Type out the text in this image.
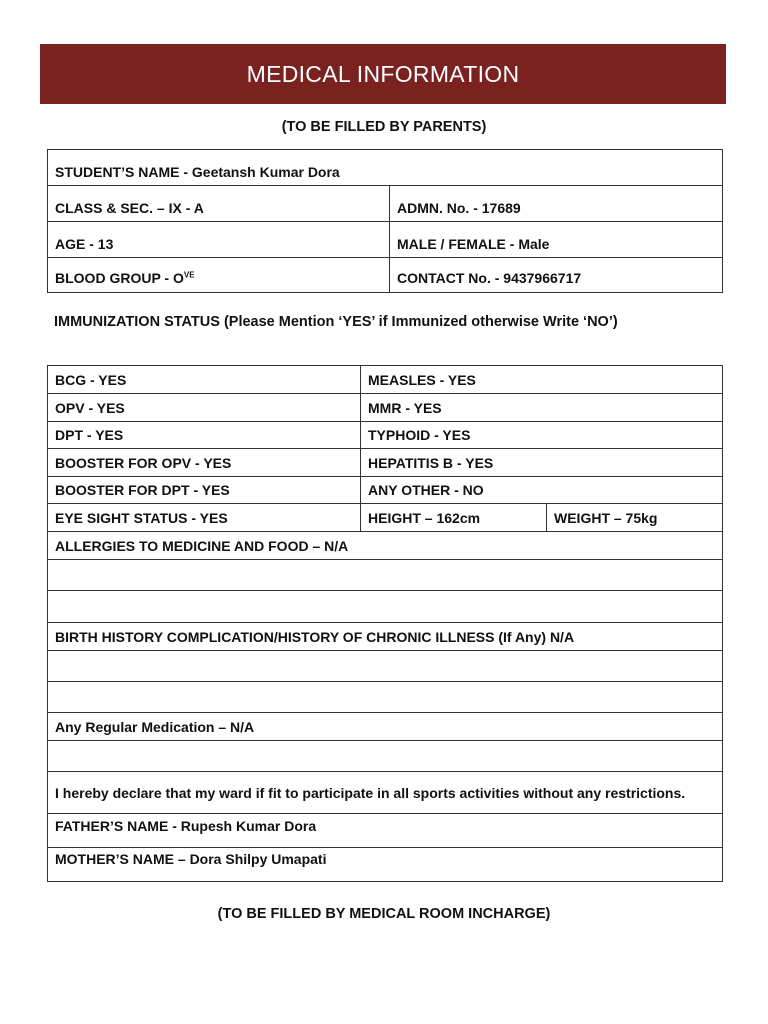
MEDICAL INFORMATION
(TO BE FILLED BY PARENTS)
STUDENT’S NAME - Geetansh Kumar Dora	
CLASS & SEC. – IX - A	ADMN. No. - 17689
AGE - 13	MALE / FEMALE - Male
BLOOD GROUP - $O^{VE}$	CONTACT No. - 9437966717
IMMUNIZATION STATUS (Please Mention ‘YES’ if Immunized otherwise Write ‘NO’)
BCG - YES	MEASLES - YES	
OPV - YES	MMR - YES	
DPT - YES	TYPHOID - YES	
BOOSTER FOR OPV - YES	HEPATITIS B - YES	
BOOSTER FOR DPT - YES	ANY OTHER - NO	
EYE SIGHT STATUS - YES	HEIGHT – 162cm	WEIGHT – 75kg
ALLERGIES TO MEDICINE AND FOOD – N/A		

BIRTH HISTORY COMPLICATION/HISTORY OF CHRONIC ILLNESS (If Any) N/A		

Any Regular Medication – N/A		

I hereby declare that my ward if fit to participate in all sports activities without any restrictions.		
FATHER’S NAME - Rupesh Kumar Dora		
MOTHER’S NAME – Dora Shilpy Umapati		
(TO BE FILLED BY MEDICAL ROOM INCHARGE)
